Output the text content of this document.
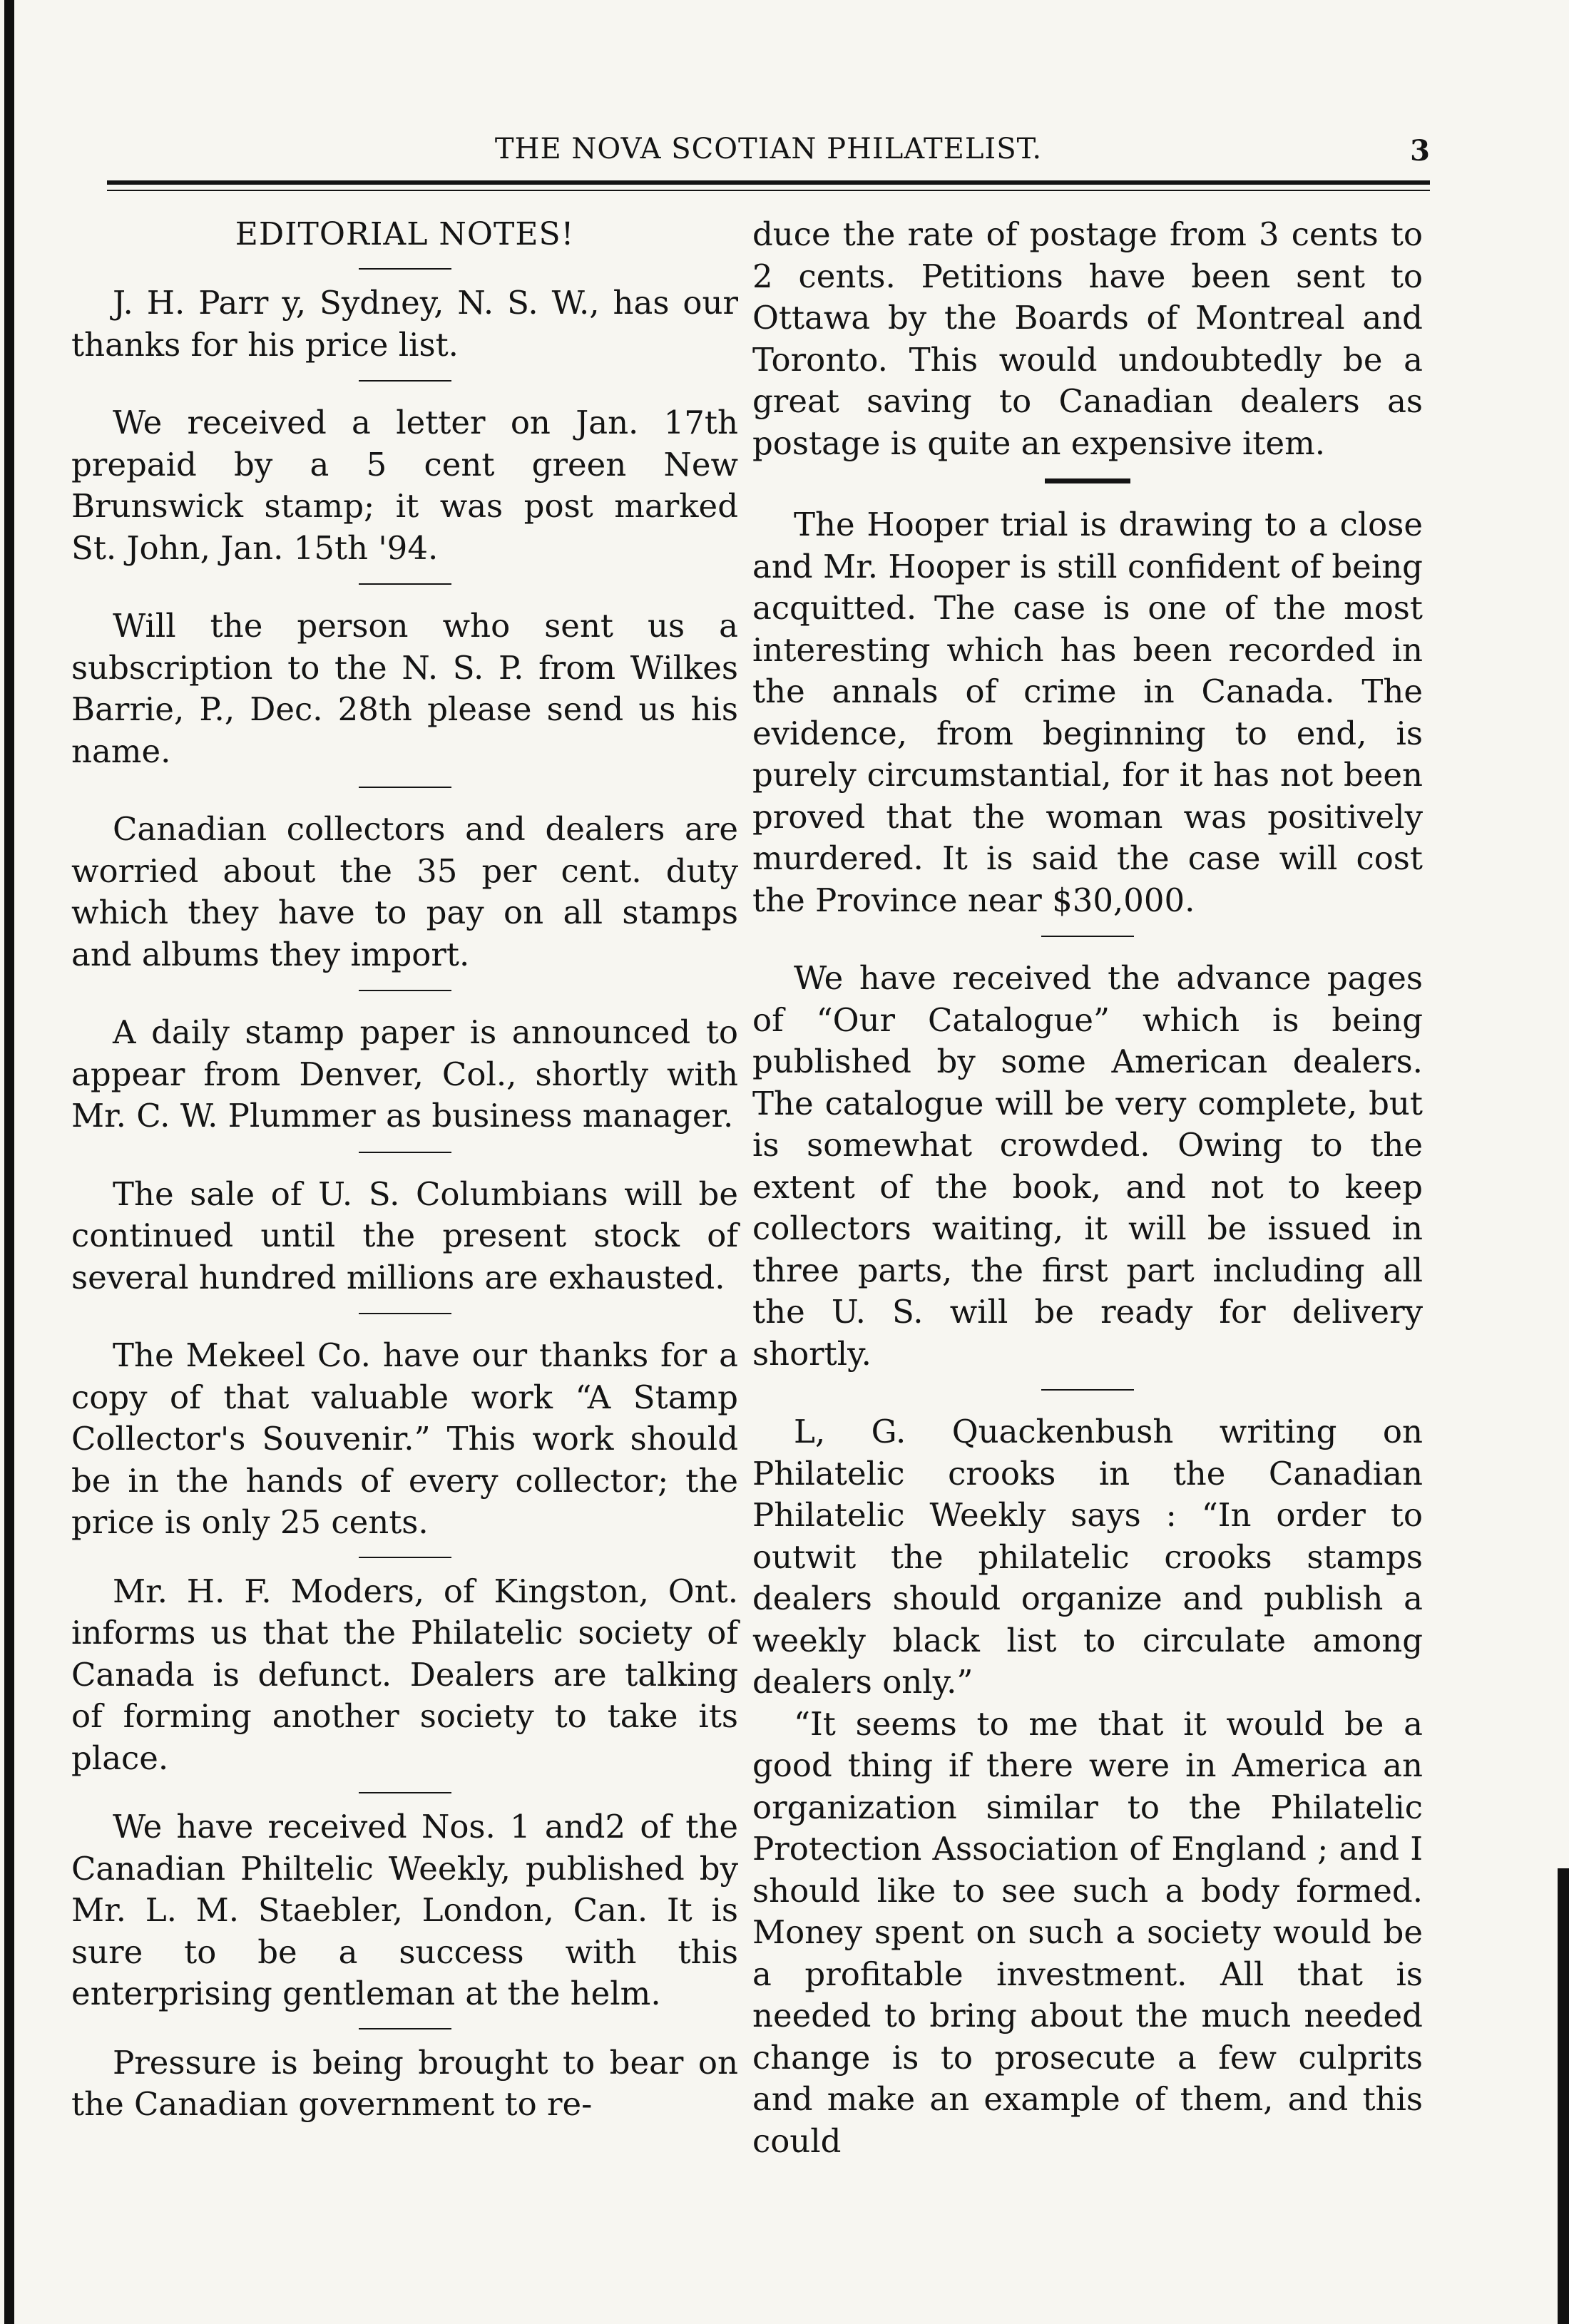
THE NOVA SCOTIAN PHILATELIST.	3
EDITORIAL NOTES!

J. H. Parr y, Sydney, N. S. W., has our thanks for his price list.

We received a letter on Jan. 17th prepaid by a 5 cent green New Brunswick stamp; it was post marked St. John, Jan. 15th '94.

Will the person who sent us a subscription to the N. S. P. from Wilkes Barrie, P., Dec. 28th please send us his name.

Canadian collectors and dealers are worried about the 35 per cent. duty which they have to pay on all stamps and albums they import.

A daily stamp paper is announced to appear from Denver, Col., shortly with Mr. C. W. Plummer as business manager.

The sale of U. S. Columbians will be continued until the present stock of several hundred millions are exhausted.

The Mekeel Co. have our thanks for a copy of that valuable work “A Stamp Collector's Souvenir.” This work should be in the hands of every collector; the price is only 25 cents.

Mr. H. F. Moders, of Kingston, Ont. informs us that the Philatelic society of Canada is defunct. Dealers are talking of forming another society to take its place.

We have received Nos. 1 and2 of the Canadian Philtelic Weekly, published by Mr. L. M. Staebler, London, Can. It is sure to be a success with this enterprising gentleman at the helm.

Pressure is being brought to bear on the Canadian government to re-

duce the rate of postage from 3 cents to 2 cents. Petitions have been sent to Ottawa by the Boards of Montreal and Toronto. This would undoubtedly be a great saving to Canadian dealers as postage is quite an expensive item.

The Hooper trial is drawing to a close and Mr. Hooper is still confident of being acquitted. The case is one of the most interesting which has been recorded in the annals of crime in Canada. The evidence, from beginning to end, is purely circumstantial, for it has not been proved that the woman was positively murdered. It is said the case will cost the Province near $30,000.

We have received the advance pages of “Our Catalogue” which is being published by some American dealers. The catalogue will be very complete, but is somewhat crowded. Owing to the extent of the book, and not to keep collectors waiting, it will be issued in three parts, the first part including all the U. S. will be ready for delivery shortly.

L, G. Quackenbush writing on Philatelic crooks in the Canadian Philatelic Weekly says : “In order to outwit the philatelic crooks stamps dealers should organize and publish a weekly black list to circulate among dealers only.”

“It seems to me that it would be a good thing if there were in America an organization similar to the Philatelic Protection Association of England ; and I should like to see such a body formed. Money spent on such a society would be a profitable investment. All that is needed to bring about the much needed change is to prosecute a few culprits and make an example of them, and this could
